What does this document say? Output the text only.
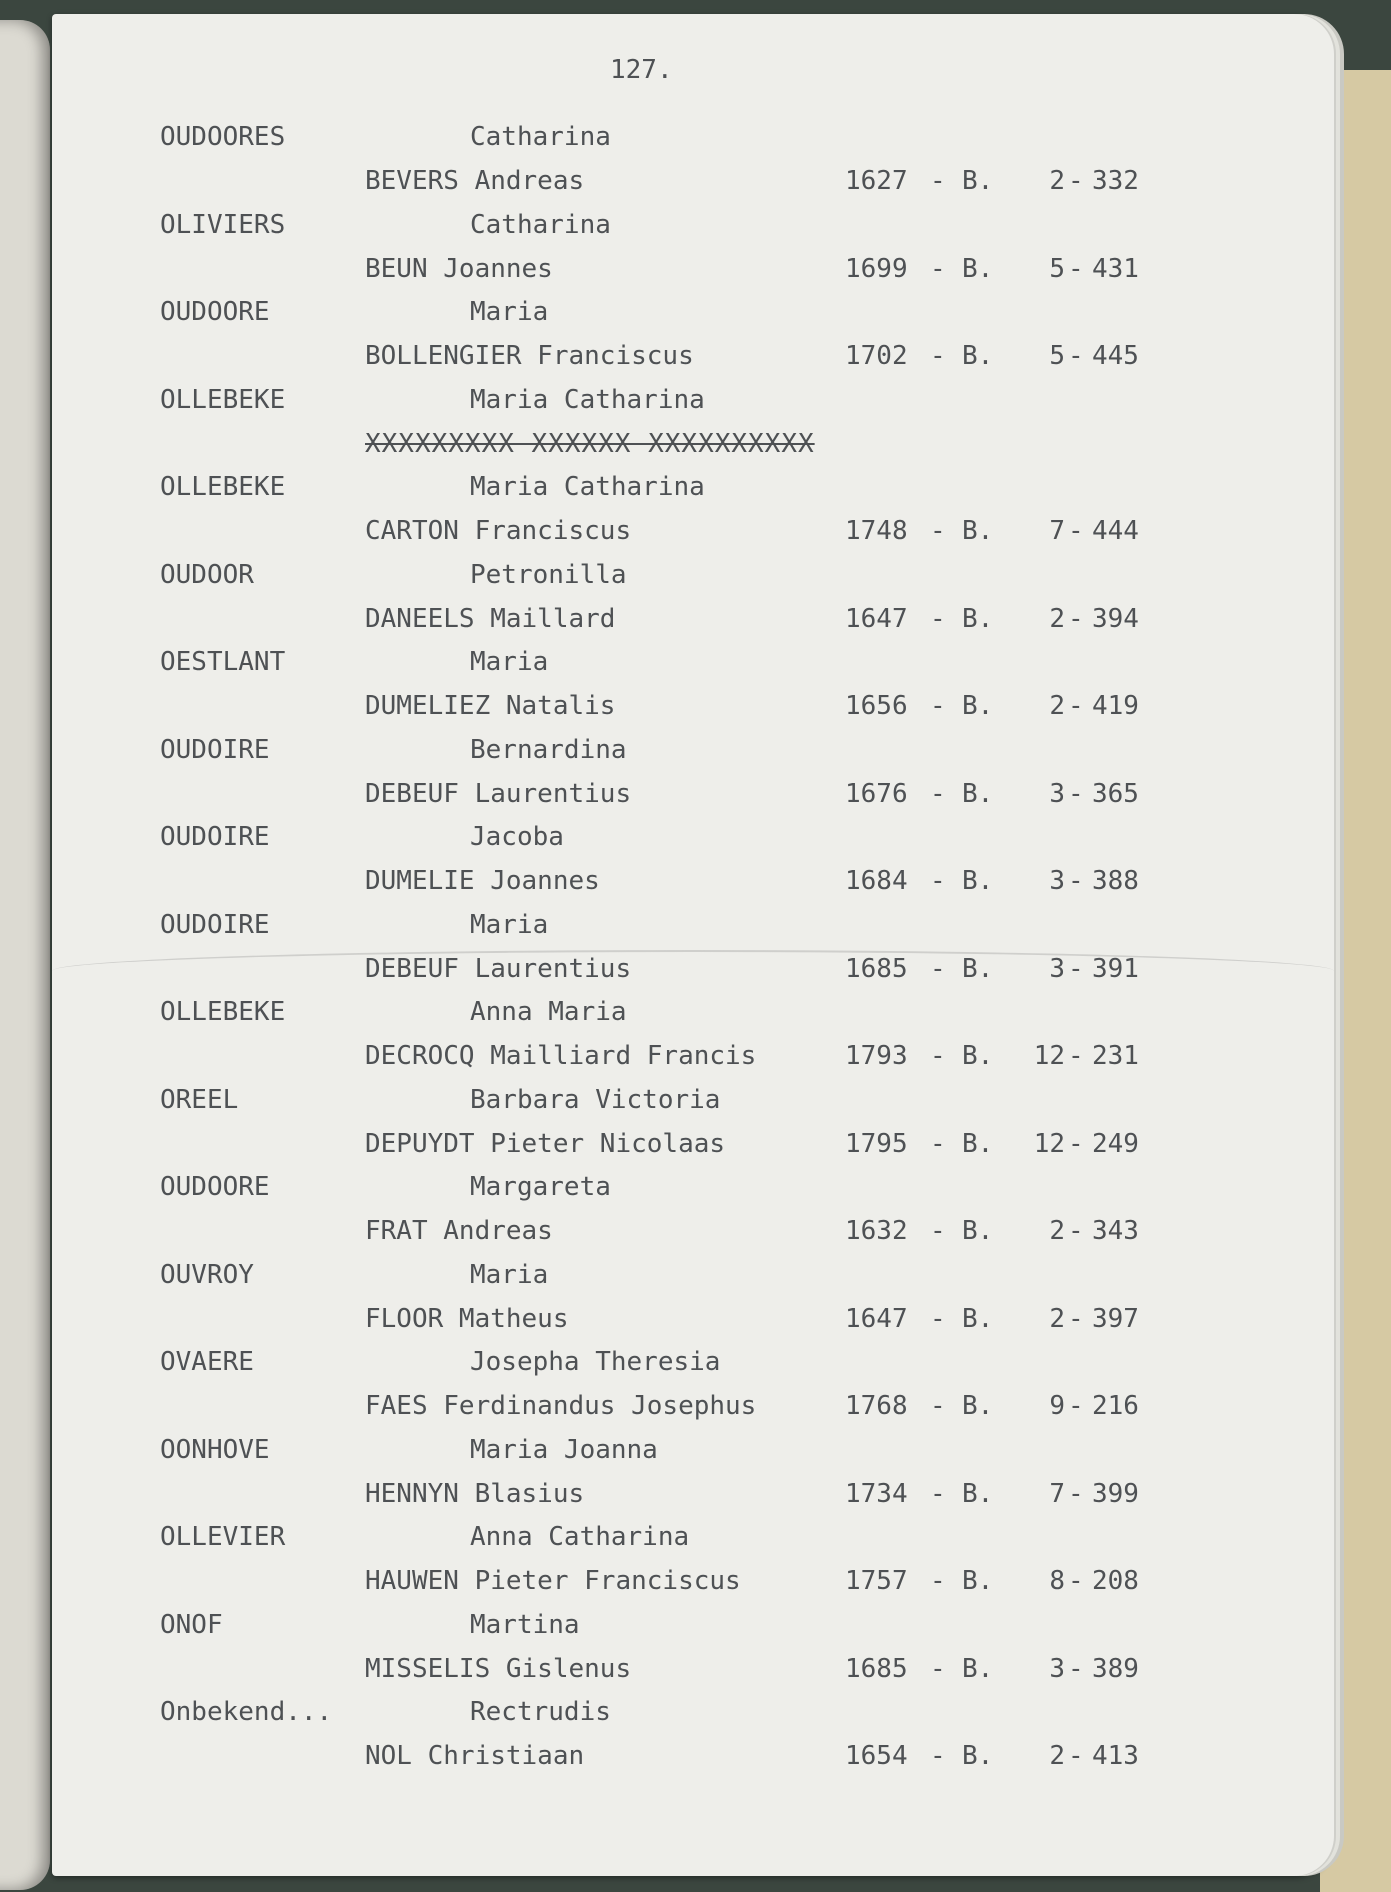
127.
OUDOORES	Catharina
BEVERS Andreas	1627 - B.	2 - 332
OLIVIERS	Catharina
BEUN Joannes	1699 - B.	5 - 431
OUDOORE	Maria
BOLLENGIER Franciscus	1702 - B.	5 - 445
OLLEBEKE	Maria Catharina
XXXXXXXXX XXXXXX XXXXXXXXXX
OLLEBEKE	Maria Catharina
CARTON Franciscus	1748 - B.	7 - 444
OUDOOR	Petronilla
DANEELS Maillard	1647 - B.	2 - 394
OESTLANT	Maria
DUMELIEZ Natalis	1656 - B.	2 - 419
OUDOIRE	Bernardina
DEBEUF Laurentius	1676 - B.	3 - 365
OUDOIRE	Jacoba
DUMELIE Joannes	1684 - B.	3 - 388
OUDOIRE	Maria
DEBEUF Laurentius	1685 - B.	3 - 391
OLLEBEKE	Anna Maria
DECROCQ Mailliard Francis	1793 - B.	12 - 231
OREEL	Barbara Victoria
DEPUYDT Pieter Nicolaas	1795 - B.	12 - 249
OUDOORE	Margareta
FRAT Andreas	1632 - B.	2 - 343
OUVROY	Maria
FLOOR Matheus	1647 - B.	2 - 397
OVAERE	Josepha Theresia
FAES Ferdinandus Josephus	1768 - B.	9 - 216
OONHOVE	Maria Joanna
HENNYN Blasius	1734 - B.	7 - 399
OLLEVIER	Anna Catharina
HAUWEN Pieter Franciscus	1757 - B.	8 - 208
ONOF	Martina
MISSELIS Gislenus	1685 - B.	3 - 389
Onbekend...	Rectrudis
NOL Christiaan	1654 - B.	2 - 413
